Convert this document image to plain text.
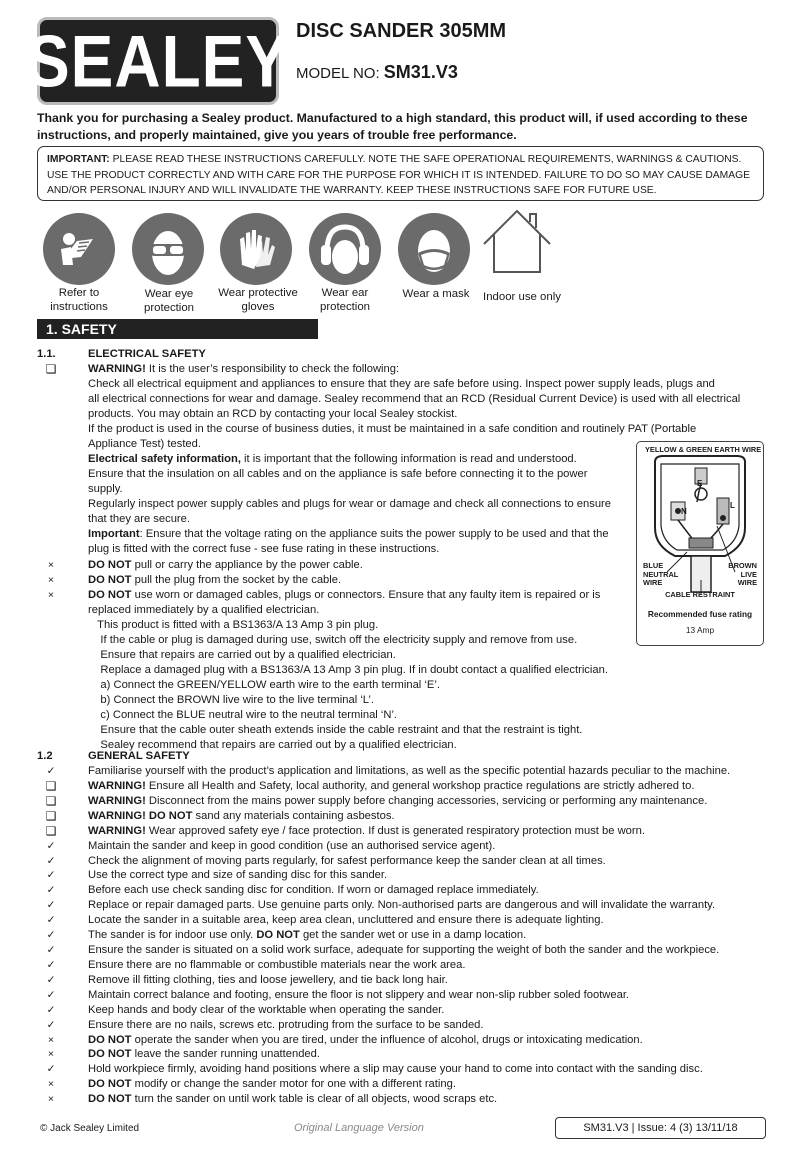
SEALEY DISC SANDER 305MM
MODEL NO: SM31.V3
Thank you for purchasing a Sealey product. Manufactured to a high standard, this product will, if used according to these instructions, and properly maintained, give you years of trouble free performance.
IMPORTANT: PLEASE READ THESE INSTRUCTIONS CAREFULLY. NOTE THE SAFE OPERATIONAL REQUIREMENTS, WARNINGS & CAUTIONS. USE THE PRODUCT CORRECTLY AND WITH CARE FOR THE PURPOSE FOR WHICH IT IS INTENDED. FAILURE TO DO SO MAY CAUSE DAMAGE AND/OR PERSONAL INJURY AND WILL INVALIDATE THE WARRANTY. KEEP THESE INSTRUCTIONS SAFE FOR FUTURE USE.
Refer to
instructions
Wear eye
protection
Wear protective
gloves
Wear ear
protection
Wear a mask	Indoor use only
1. SAFETY
1.1.	ELECTRICAL SAFETY
❑	WARNING! It is the user’s responsibility to check the following:
Check all electrical equipment and appliances to ensure that they are safe before using. Inspect power supply leads, plugs and
all electrical connections for wear and damage. Sealey recommend that an RCD (Residual Current Device) is used with all electrical
products. You may obtain an RCD by contacting your local Sealey stockist.
If the product is used in the course of business duties, it must be maintained in a safe condition and routinely PAT (Portable
Appliance Test) tested.
Electrical safety information, it is important that the following information is read and understood.
Ensure that the insulation on all cables and on the appliance is safe before connecting it to the power
supply.
Regularly inspect power supply cables and plugs for wear or damage and check all connections to ensure
that they are secure.
Important: Ensure that the voltage rating on the appliance suits the power supply to be used and that the
plug is fitted with the correct fuse - see fuse rating in these instructions.
×	DO NOT pull or carry the appliance by the power cable.
×	DO NOT pull the plug from the socket by the cable.
×	DO NOT use worn or damaged cables, plugs or connectors. Ensure that any faulty item is repaired or is
replaced immediately by a qualified electrician.
This product is fitted with a BS1363/A 13 Amp 3 pin plug.
If the cable or plug is damaged during use, switch off the electricity supply and remove from use.
Ensure that repairs are carried out by a qualified electrician.
Replace a damaged plug with a BS1363/A 13 Amp 3 pin plug. If in doubt contact a qualified electrician.
a) Connect the GREEN/YELLOW earth wire to the earth terminal ‘E’.
b) Connect the BROWN live wire to the live terminal ‘L’.
c) Connect the BLUE neutral wire to the neutral terminal ‘N’.
Ensure that the cable outer sheath extends inside the cable restraint and that the restraint is tight.
Sealey recommend that repairs are carried out by a qualified electrician.
1.2	GENERAL SAFETY
✓	Familiarise yourself with the product’s application and limitations, as well as the specific potential hazards peculiar to the machine.
❑	WARNING! Ensure all Health and Safety, local authority, and general workshop practice regulations are strictly adhered to.
❑	WARNING! Disconnect from the mains power supply before changing accessories, servicing or performing any maintenance.
❑	WARNING! DO NOT sand any materials containing asbestos.
❑	WARNING! Wear approved safety eye / face protection. If dust is generated respiratory protection must be worn.
✓	Maintain the sander and keep in good condition (use an authorised service agent).
✓	Check the alignment of moving parts regularly, for safest performance keep the sander clean at all times.
✓	Use the correct type and size of sanding disc for this sander.
✓	Before each use check sanding disc for condition. If worn or damaged replace immediately.
✓	Replace or repair damaged parts. Use genuine parts only. Non-authorised parts are dangerous and will invalidate the warranty.
✓	Locate the sander in a suitable area, keep area clean, uncluttered and ensure there is adequate lighting.
✓	The sander is for indoor use only. DO NOT get the sander wet or use in a damp location.
✓	Ensure the sander is situated on a solid work surface, adequate for supporting the weight of both the sander and the workpiece.
✓	Ensure there are no flammable or combustible materials near the work area.
✓	Remove ill fitting clothing, ties and loose jewellery, and tie back long hair.
✓	Maintain correct balance and footing, ensure the floor is not slippery and wear non-slip rubber soled footwear.
✓	Keep hands and body clear of the worktable when operating the sander.
✓	Ensure there are no nails, screws etc. protruding from the surface to be sanded.
×	DO NOT operate the sander when you are tired, under the influence of alcohol, drugs or intoxicating medication.
×	DO NOT leave the sander running unattended.
✓	Hold workpiece firmly, avoiding hand positions where a slip may cause your hand to come into contact with the sanding disc.
×	DO NOT modify or change the sander motor for one with a different rating.
×	DO NOT turn the sander on until work table is clear of all objects, wood scraps etc.
YELLOW & GREEN EARTH WIRE
N
E
L
BLUE
NEUTRAL
WIRE
BROWN
LIVE
WIRE
CABLE RESTRAINT
Recommended fuse rating
13 Amp
© Jack Sealey Limited	Original Language Version	SM31.V3 | Issue: 4 (3) 13/11/18
